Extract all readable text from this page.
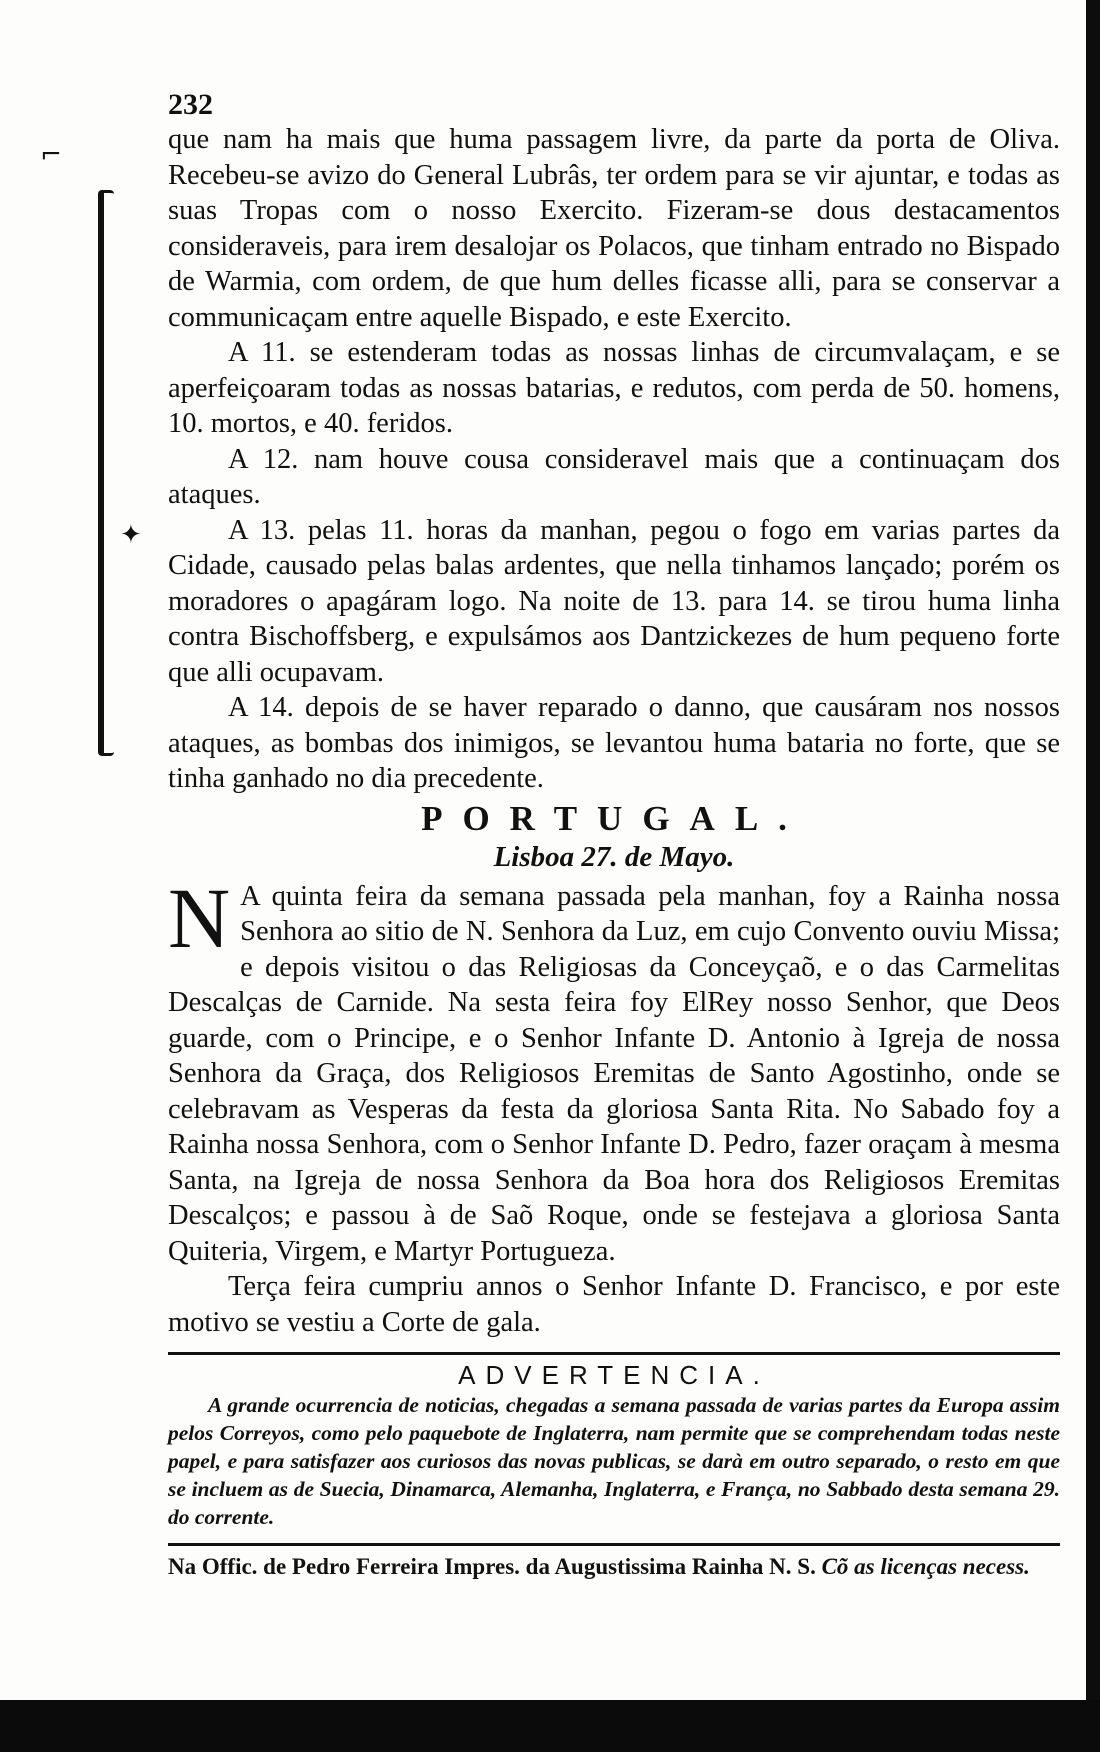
⌐
✦
232

que nam ha mais que huma passagem livre, da parte da porta de Oliva. Recebeu-se avizo do General Lubrâs, ter ordem para se vir ajuntar, e todas as suas Tropas com o nosso Exercito. Fizeram-se dous destacamentos consideraveis, para irem desalojar os Polacos, que tinham entrado no Bispado de Warmia, com ordem, de que hum delles ficasse alli, para se conservar a communicaçam entre aquelle Bispado, e este Exercito.

A 11. se estenderam todas as nossas linhas de circumvalaçam, e se aperfeiçoaram todas as nossas batarias, e redutos, com perda de 50. homens, 10. mortos, e 40. feridos.

A 12. nam houve cousa consideravel mais que a continuaçam dos ataques.

A 13. pelas 11. horas da manhan, pegou o fogo em varias partes da Cidade, causado pelas balas ardentes, que nella tinhamos lançado; porém os moradores o apagáram logo. Na noite de 13. para 14. se tirou huma linha contra Bischoffsberg, e expulsámos aos Dantzickezes de hum pequeno forte que alli ocupavam.

A 14. depois de se haver reparado o danno, que causáram nos nossos ataques, as bombas dos inimigos, se levantou huma bataria no forte, que se tinha ganhado no dia precedente.

PORTUGAL.
Lisboa 27. de Mayo.

N A quinta feira da semana passada pela manhan, foy a Rainha nossa Senhora ao sitio de N. Senhora da Luz, em cujo Convento ouviu Missa; e depois visitou o das Religiosas da Conceyçaõ, e o das Carmelitas Descalças de Carnide. Na sesta feira foy ElRey nosso Senhor, que Deos guarde, com o Principe, e o Senhor Infante D. Antonio à Igreja de nossa Senhora da Graça, dos Religiosos Eremitas de Santo Agostinho, onde se celebravam as Vesperas da festa da gloriosa Santa Rita. No Sabado foy a Rainha nossa Senhora, com o Senhor Infante D. Pedro, fazer oraçam à mesma Santa, na Igreja de nossa Senhora da Boa hora dos Religiosos Eremitas Descalços; e passou à de Saõ Roque, onde se festejava a gloriosa Santa Quiteria, Virgem, e Martyr Portugueza.

Terça feira cumpriu annos o Senhor Infante D. Francisco, e por este motivo se vestiu a Corte de gala.

ADVERTENCIA.

A grande ocurrencia de noticias, chegadas a semana passada de varias partes da Europa assim pelos Correyos, como pelo paquebote de Inglaterra, nam permite que se comprehendam todas neste papel, e para satisfazer aos curiosos das novas publicas, se darà em outro separado, o resto em que se incluem as de Suecia, Dinamarca, Alemanha, Inglaterra, e França, no Sabbado desta semana 29. do corrente.

Na Offic. de Pedro Ferreira Impres. da Augustissima Rainha N. S. Cõ as licenças necess.
